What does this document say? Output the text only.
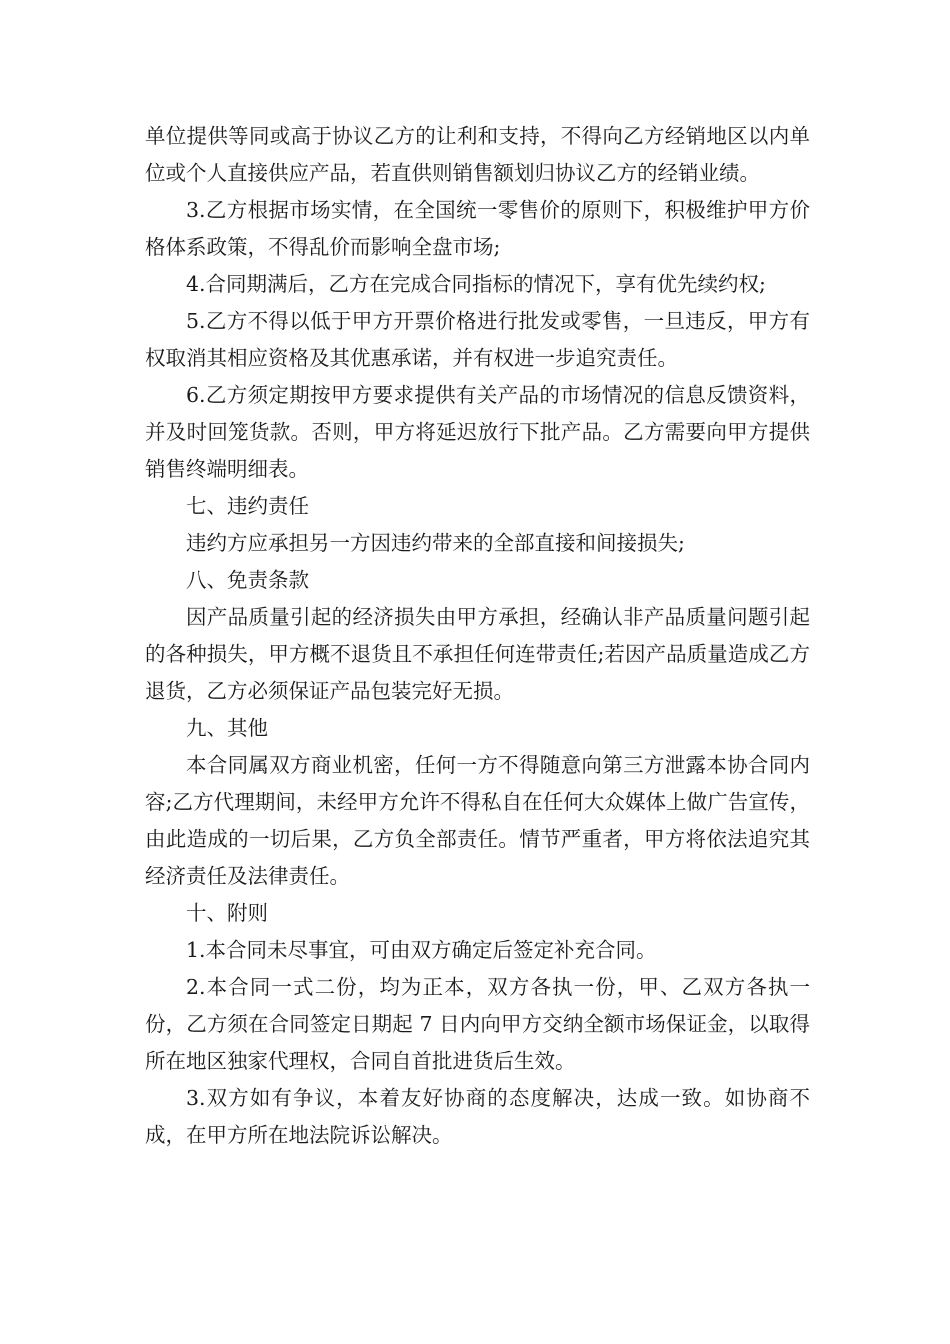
单位提供等同或高于协议乙方的让利和支持，不得向乙方经销地区以内单位或个人直接供应产品，若直供则销售额划归协议乙方的经销业绩。

3.乙方根据市场实情，在全国统一零售价的原则下，积极维护甲方价格体系政策，不得乱价而影响全盘市场;

4.合同期满后，乙方在完成合同指标的情况下，享有优先续约权;

5.乙方不得以低于甲方开票价格进行批发或零售，一旦违反，甲方有权取消其相应资格及其优惠承诺，并有权进一步追究责任。

6.乙方须定期按甲方要求提供有关产品的市场情况的信息反馈资料，并及时回笼货款。否则，甲方将延迟放行下批产品。乙方需要向甲方提供销售终端明细表。

七、违约责任

违约方应承担另一方因违约带来的全部直接和间接损失;

八、免责条款

因产品质量引起的经济损失由甲方承担，经确认非产品质量问题引起的各种损失，甲方概不退货且不承担任何连带责任;若因产品质量造成乙方退货，乙方必须保证产品包装完好无损。

九、其他

本合同属双方商业机密，任何一方不得随意向第三方泄露本协合同内容;乙方代理期间，未经甲方允许不得私自在任何大众媒体上做广告宣传，由此造成的一切后果，乙方负全部责任。情节严重者，甲方将依法追究其经济责任及法律责任。

十、附则

1.本合同未尽事宜，可由双方确定后签定补充合同。

2.本合同一式二份，均为正本，双方各执一份，甲、乙双方各执一份，乙方须在合同签定日期起 7 日内向甲方交纳全额市场保证金，以取得所在地区独家代理权，合同自首批进货后生效。

3.双方如有争议，本着友好协商的态度解决，达成一致。如协商不成，在甲方所在地法院诉讼解决。
